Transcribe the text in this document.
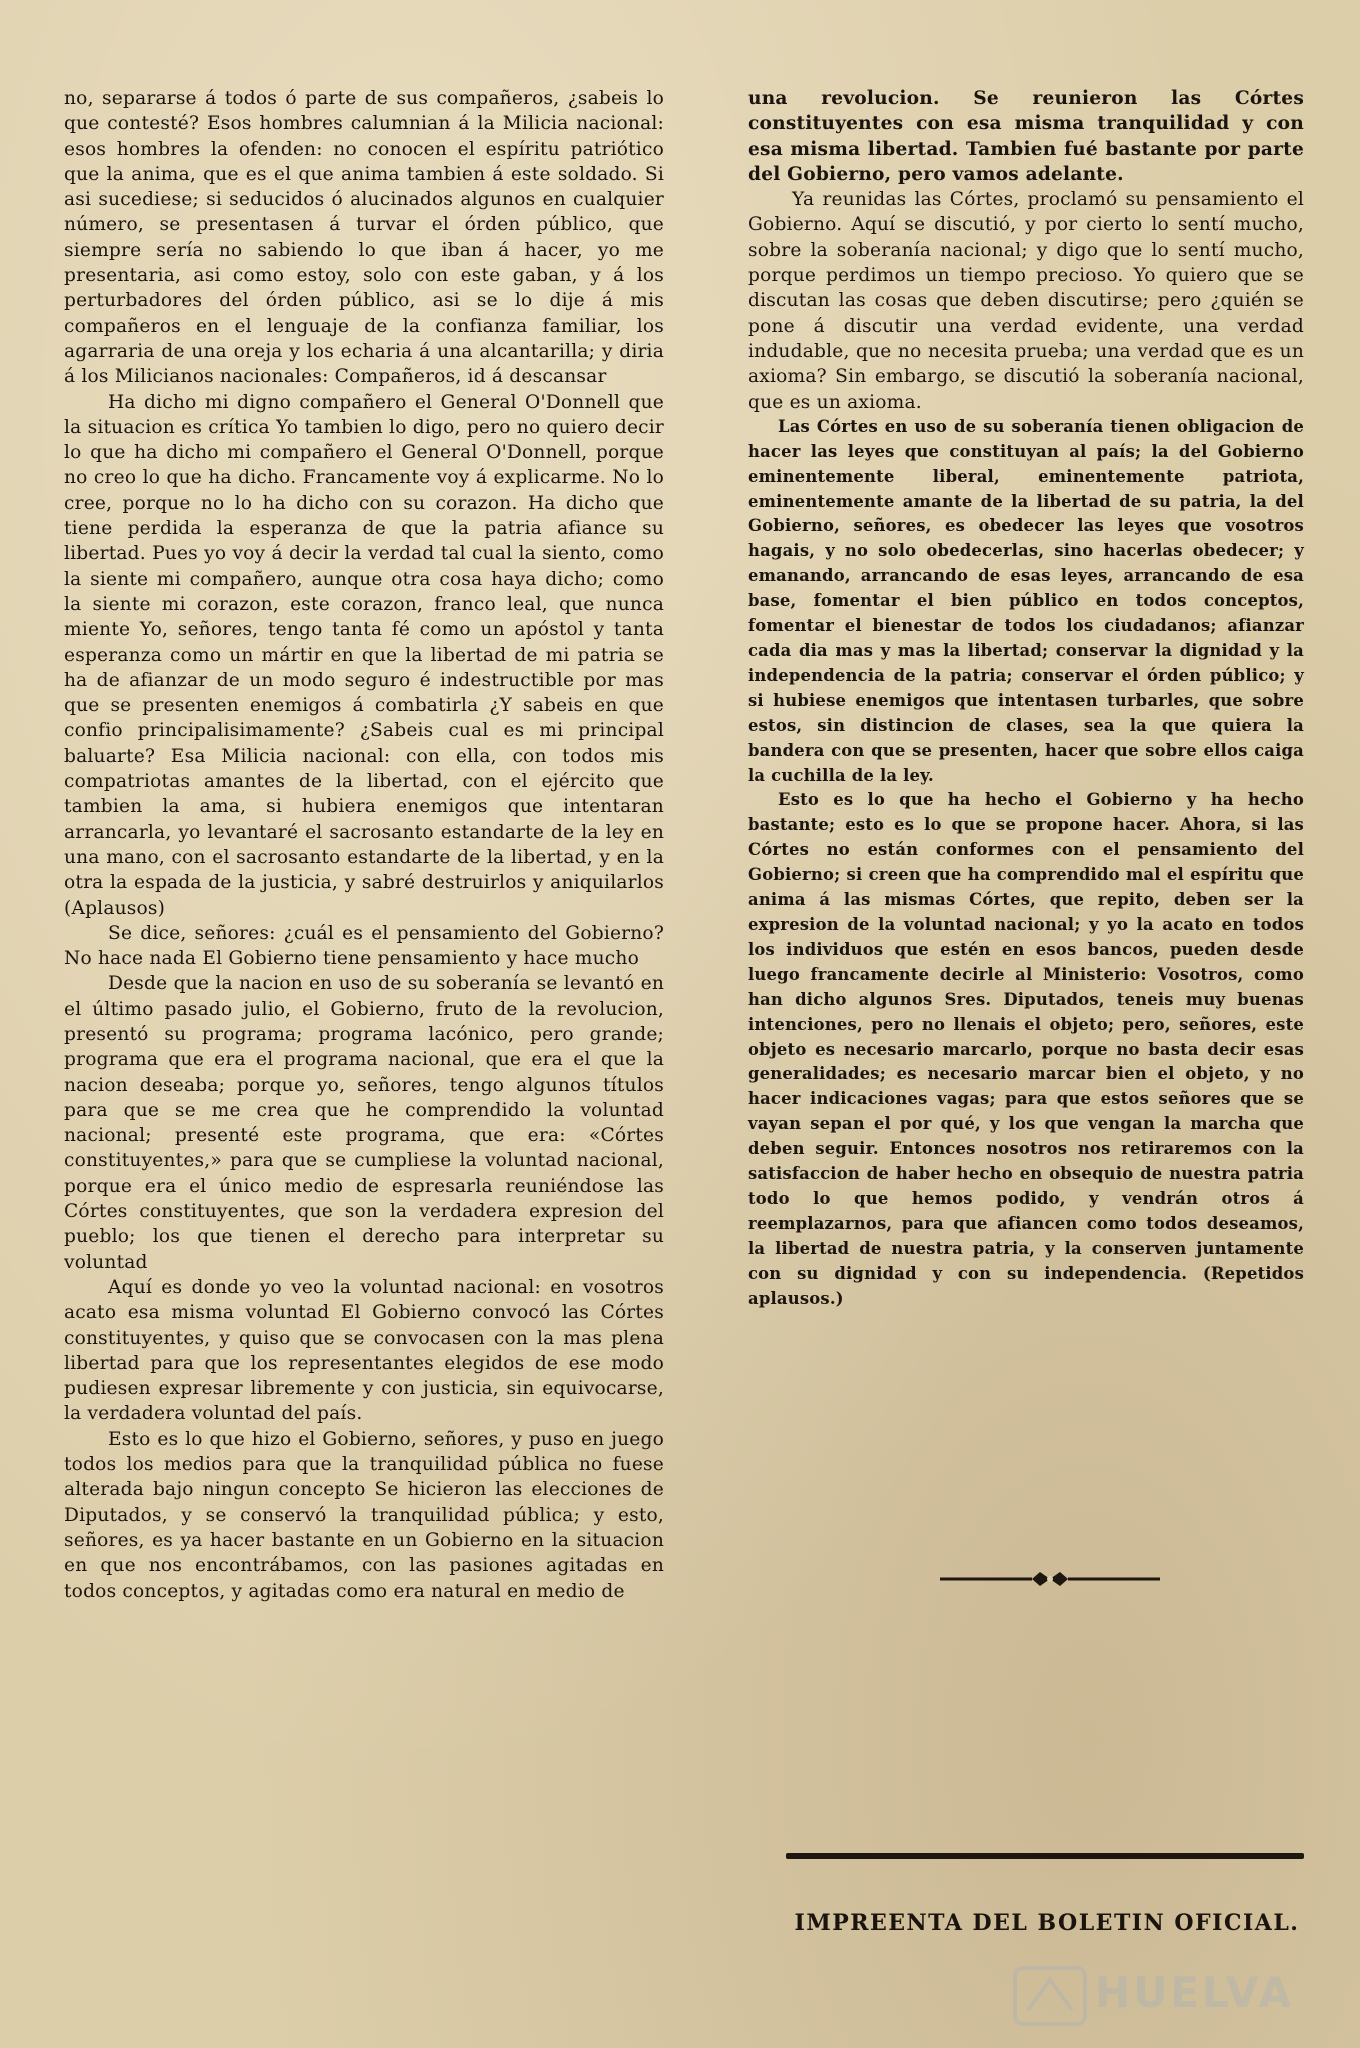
no, separarse á todos ó parte de sus compañeros, ¿sabeis lo que contesté? Esos hombres calumnian á la Milicia nacional: esos hombres la ofenden: no conocen el espíritu patriótico que la anima, que es el que anima tambien á este soldado. Si asi sucediese; si seducidos ó alucinados algunos en cualquier número, se presentasen á turvar el órden público, que siempre sería no sabiendo lo que iban á hacer, yo me presentaria, asi como estoy, solo con este gaban, y á los perturbadores del órden público, asi se lo dije á mis compañeros en el lenguaje de la confianza familiar, los agarraria de una oreja y los echaria á una alcantarilla; y diria á los Milicianos nacionales: Compañeros, id á descansar

Ha dicho mi digno compañero el General O'Donnell que la situacion es crítica Yo tambien lo digo, pero no quiero decir lo que ha dicho mi compañero el General O'Donnell, porque no creo lo que ha dicho. Francamente voy á explicarme. No lo cree, porque no lo ha dicho con su corazon. Ha dicho que tiene perdida la esperanza de que la patria afiance su libertad. Pues yo voy á decir la verdad tal cual la siento, como la siente mi compañero, aunque otra cosa haya dicho; como la siente mi corazon, este corazon, franco leal, que nunca miente Yo, señores, tengo tanta fé como un apóstol y tanta esperanza como un mártir en que la libertad de mi patria se ha de afianzar de un modo seguro é indestructible por mas que se presenten enemigos á combatirla ¿Y sabeis en que confio principalisimamente? ¿Sabeis cual es mi principal baluarte? Esa Milicia nacional: con ella, con todos mis compatriotas amantes de la libertad, con el ejército que tambien la ama, si hubiera enemigos que intentaran arrancarla, yo levantaré el sacrosanto estandarte de la ley en una mano, con el sacrosanto estandarte de la libertad, y en la otra la espada de la justicia, y sabré destruirlos y aniquilarlos (Aplausos)

Se dice, señores: ¿cuál es el pensamiento del Gobierno? No hace nada El Gobierno tiene pensamiento y hace mucho

Desde que la nacion en uso de su soberanía se levantó en el último pasado julio, el Gobierno, fruto de la revolucion, presentó su programa; programa lacónico, pero grande; programa que era el programa nacional, que era el que la nacion deseaba; porque yo, señores, tengo algunos títulos para que se me crea que he comprendido la voluntad nacional; presenté este programa, que era: «Córtes constituyentes,» para que se cumpliese la voluntad nacional, porque era el único medio de espresarla reuniéndose las Córtes constituyentes, que son la verdadera expresion del pueblo; los que tienen el derecho para interpretar su voluntad

Aquí es donde yo veo la voluntad nacional: en vosotros acato esa misma voluntad El Gobierno convocó las Córtes constituyentes, y quiso que se convocasen con la mas plena libertad para que los representantes elegidos de ese modo pudiesen expresar libremente y con justicia, sin equivocarse, la verdadera voluntad del país.

Esto es lo que hizo el Gobierno, señores, y puso en juego todos los medios para que la tranquilidad pública no fuese alterada bajo ningun concepto Se hicieron las elecciones de Diputados, y se conservó la tranquilidad pública; y esto, señores, es ya hacer bastante en un Gobierno en la situacion en que nos encontrábamos, con las pasiones agitadas en todos conceptos, y agitadas como era natural en medio de

una revolucion. Se reunieron las Córtes constituyentes con esa misma tranquilidad y con esa misma libertad. Tambien fué bastante por parte del Gobierno, pero vamos adelante.

Ya reunidas las Córtes, proclamó su pensamiento el Gobierno. Aquí se discutió, y por cierto lo sentí mucho, sobre la soberanía nacional; y digo que lo sentí mucho, porque perdimos un tiempo precioso. Yo quiero que se discutan las cosas que deben discutirse; pero ¿quién se pone á discutir una verdad evidente, una verdad indudable, que no necesita prueba; una verdad que es un axioma? Sin embargo, se discutió la soberanía nacional, que es un axioma.

Las Córtes en uso de su soberanía tienen obligacion de hacer las leyes que constituyan al país; la del Gobierno eminentemente liberal, eminentemente patriota, eminentemente amante de la libertad de su patria, la del Gobierno, señores, es obedecer las leyes que vosotros hagais, y no solo obedecerlas, sino hacerlas obedecer; y emanando, arrancando de esas leyes, arrancando de esa base, fomentar el bien público en todos conceptos, fomentar el bienestar de todos los ciudadanos; afianzar cada dia mas y mas la libertad; conservar la dignidad y la independencia de la patria; conservar el órden público; y si hubiese enemigos que intentasen turbarles, que sobre estos, sin distincion de clases, sea la que quiera la bandera con que se presenten, hacer que sobre ellos caiga la cuchilla de la ley.

Esto es lo que ha hecho el Gobierno y ha hecho bastante; esto es lo que se propone hacer. Ahora, si las Córtes no están conformes con el pensamiento del Gobierno; si creen que ha comprendido mal el espíritu que anima á las mismas Córtes, que repito, deben ser la expresion de la voluntad nacional; y yo la acato en todos los individuos que estén en esos bancos, pueden desde luego francamente decirle al Ministerio: Vosotros, como han dicho algunos Sres. Diputados, teneis muy buenas intenciones, pero no llenais el objeto; pero, señores, este objeto es necesario marcarlo, porque no basta decir esas generalidades; es necesario marcar bien el objeto, y no hacer indicaciones vagas; para que estos señores que se vayan sepan el por qué, y los que vengan la marcha que deben seguir. Entonces nosotros nos retiraremos con la satisfaccion de haber hecho en obsequio de nuestra patria todo lo que hemos podido, y vendrán otros á reemplazarnos, para que afiancen como todos deseamos, la libertad de nuestra patria, y la conserven juntamente con su dignidad y con su independencia. (Repetidos aplausos.)

IMPREENTA DEL BOLETIN OFICIAL.
HUELVA
